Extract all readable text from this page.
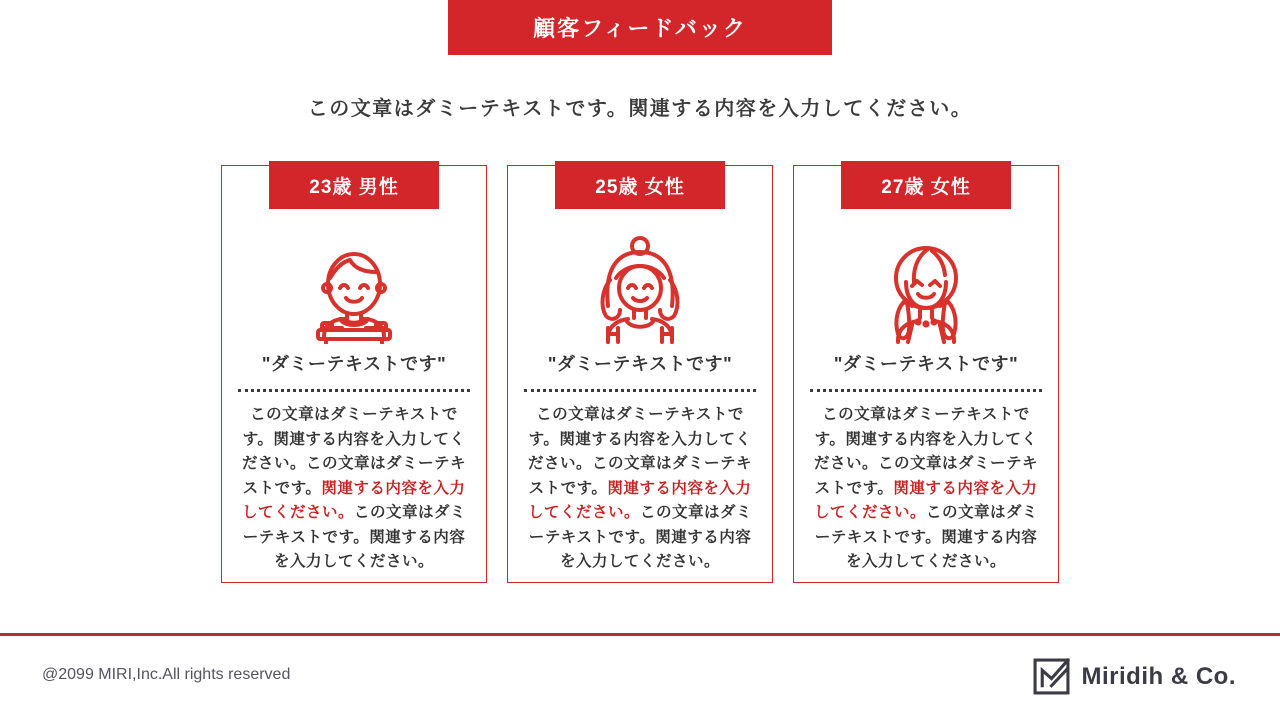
顧客フィードバック
この文章はダミーテキストです。関連する内容を入力してください。
23歳 男性
"ダミーテキストです"

この文章はダミーテキストです。関連する内容を入力してください。この文章はダミーテキストです。関連する内容を入力してください。この文章はダミーテキストです。関連する内容を入力してください。

25歳 女性
"ダミーテキストです"

この文章はダミーテキストです。関連する内容を入力してください。この文章はダミーテキストです。関連する内容を入力してください。この文章はダミーテキストです。関連する内容を入力してください。

27歳 女性
"ダミーテキストです"

この文章はダミーテキストです。関連する内容を入力してください。この文章はダミーテキストです。関連する内容を入力してください。この文章はダミーテキストです。関連する内容を入力してください。

@2099 MIRI,Inc.All rights reserved	Miridih & Co.
